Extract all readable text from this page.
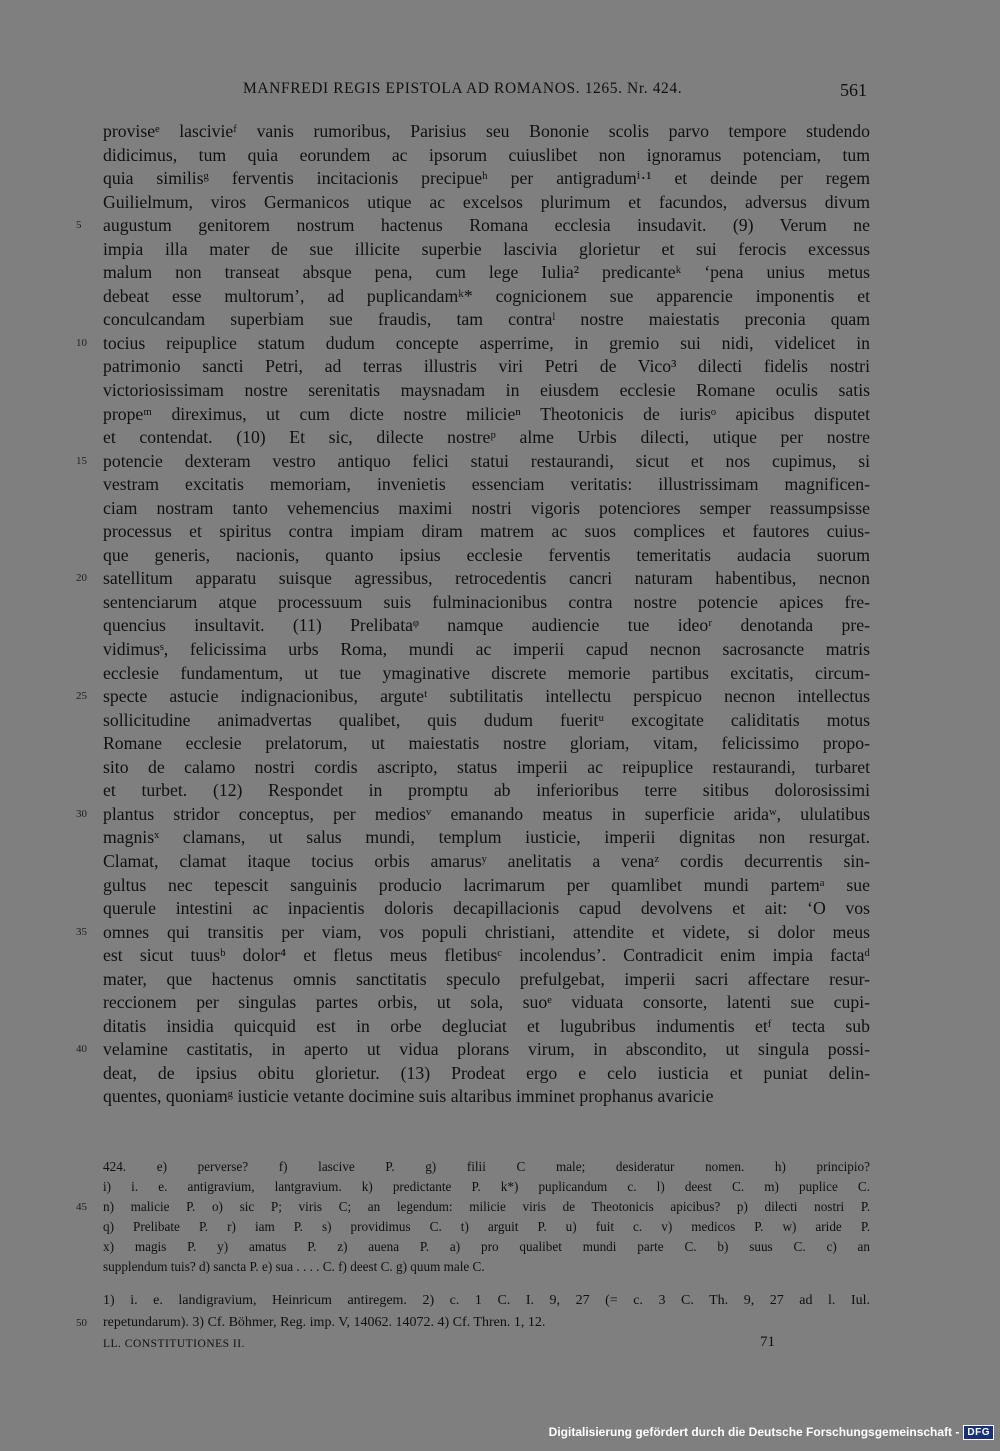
MANFREDI REGIS EPISTOLA AD ROMANOS. 1265. Nr. 424.	561
proviseᵉ lascivieᶠ vanis rumoribus, Parisius seu Bononie scolis parvo tempore studendo
didicimus, tum quia eorundem ac ipsorum cuiuslibet non ignoramus potenciam, tum
quia similisᵍ ferventis incitacionis precipueʰ per antigradumⁱ·¹ et deinde per regem
Guilielmum, viros Germanicos utique ac excelsos plurimum et facundos, adversus divum
5 augustum genitorem nostrum hactenus Romana ecclesia insudavit. (9) Verum ne
impia illa mater de sue illicite superbie lascivia glorietur et sui ferocis excessus
malum non transeat absque pena, cum lege Iulia² predicanteᵏ ‘pena unius metus
debeat esse multorum’, ad puplicandamᵏ* cognicionem sue apparencie imponentis et
conculcandam superbiam sue fraudis, tam contraˡ nostre maiestatis preconia quam
10 tocius reipuplice statum dudum concepte asperrime, in gremio sui nidi, videlicet in
patrimonio sancti Petri, ad terras illustris viri Petri de Vico³ dilecti fidelis nostri
victoriosissimam nostre serenitatis maysnadam in eiusdem ecclesie Romane oculis satis
propeᵐ direximus, ut cum dicte nostre milicieⁿ Theotonicis de iurisᵒ apicibus disputet
et contendat. (10) Et sic, dilecte nostreᵖ alme Urbis dilecti, utique per nostre
15 potencie dexteram vestro antiquo felici statui restaurandi, sicut et nos cupimus, si
vestram excitatis memoriam, invenietis essenciam veritatis: illustrissimam magnificen-
ciam nostram tanto vehemencius maximi nostri vigoris potenciores semper reassumpsisse
processus et spiritus contra impiam diram matrem ac suos complices et fautores cuius-
que generis, nacionis, quanto ipsius ecclesie ferventis temeritatis audacia suorum
20 satellitum apparatu suisque agressibus, retrocedentis cancri naturam habentibus, necnon
sentenciarum atque processuum suis fulminacionibus contra nostre potencie apices fre-
quencius insultavit. (11) Prelibataᵠ namque audiencie tue ideoʳ denotanda pre-
vidimusˢ, felicissima urbs Roma, mundi ac imperii capud necnon sacrosancte matris
ecclesie fundamentum, ut tue ymaginative discrete memorie partibus excitatis, circum-
25 specte astucie indignacionibus, arguteᵗ subtilitatis intellectu perspicuo necnon intellectus
sollicitudine animadvertas qualibet, quis dudum fueritᵘ excogitate caliditatis motus
Romane ecclesie prelatorum, ut maiestatis nostre gloriam, vitam, felicissimo propo-
sito de calamo nostri cordis ascripto, status imperii ac reipuplice restaurandi, turbaret
et turbet. (12) Respondet in promptu ab inferioribus terre sitibus dolorosissimi
30 plantus stridor conceptus, per mediosᵛ emanando meatus in superficie aridaʷ, ululatibus
magnisˣ clamans, ut salus mundi, templum iusticie, imperii dignitas non resurgat.
Clamat, clamat itaque tocius orbis amarusʸ anelitatis a venaᶻ cordis decurrentis sin-
gultus nec tepescit sanguinis producio lacrimarum per quamlibet mundi partemᵃ sue
querule intestini ac inpacientis doloris decapillacionis capud devolvens et ait: ‘O vos
35 omnes qui transitis per viam, vos populi christiani, attendite et videte, si dolor meus
est sicut tuusᵇ dolor⁴ et fletus meus fletibusᶜ incolendus’. Contradicit enim impia factaᵈ
mater, que hactenus omnis sanctitatis speculo prefulgebat, imperii sacri affectare resur-
reccionem per singulas partes orbis, ut sola, suoᵉ viduata consorte, latenti sue cupi-
ditatis insidia quicquid est in orbe degluciat et lugubribus indumentis etᶠ tecta sub
40 velamine castitatis, in aperto ut vidua plorans virum, in abscondito, ut singula possi-
deat, de ipsius obitu glorietur. (13) Prodeat ergo e celo iusticia et puniat delin-
quentes, quoniamᵍ iusticie vetante docimine suis altaribus imminet prophanus avaricie
424. e) perverse? f) lascive P. g) filii C male; desideratur nomen. h) principio?
i) i. e. antigravium, lantgravium. k) predictante P. k*) puplicandum c. l) deest C. m) puplice C.
45 n) malicie P. o) sic P; viris C; an legendum: milicie viris de Theotonicis apicibus? p) dilecti nostri P.
q) Prelibate P. r) iam P. s) providimus C. t) arguit P. u) fuit c. v) medicos P. w) aride P.
x) magis P. y) amatus P. z) auena P. a) pro qualibet mundi parte C. b) suus C. c) an
supplendum tuis? d) sancta P. e) sua . . . . C. f) deest C. g) quum male C.
1) i. e. landigravium, Heinricum antiregem. 2) c. 1 C. I. 9, 27 (= c. 3 C. Th. 9, 27 ad l. Iul.
50 repetundarum). 3) Cf. Böhmer, Reg. imp. V, 14062. 14072. 4) Cf. Thren. 1, 12.
LL. CONSTITUTIONES II.	71
Digitalisierung gefördert durch die Deutsche Forschungsgemeinschaft - DFG
